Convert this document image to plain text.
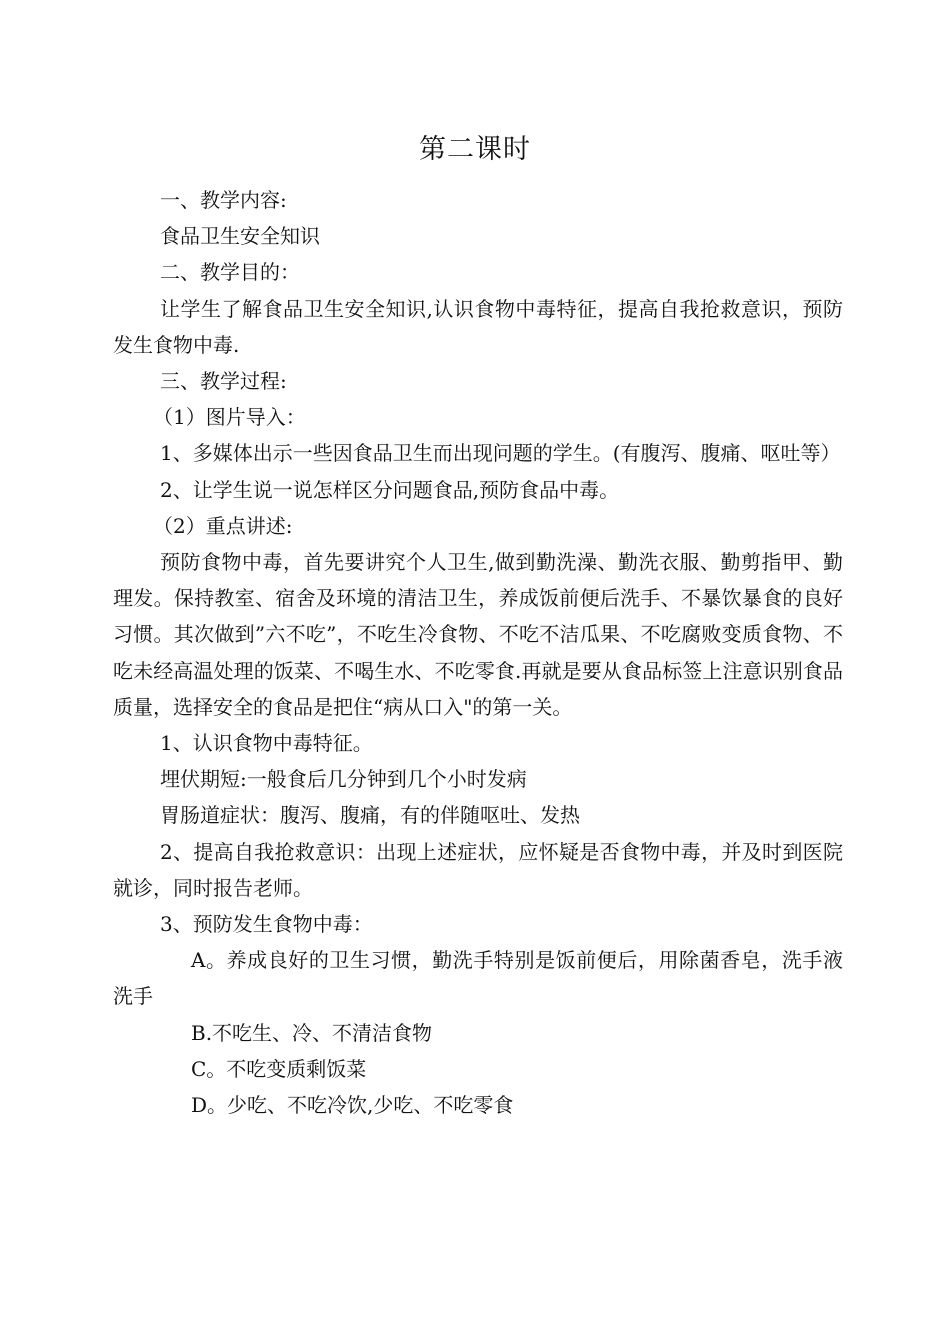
第二课时

一、教学内容:

食品卫生安全知识

二、教学目的：

让学生了解食品卫生安全知识,认识食物中毒特征，提高自我抢救意识，预防发生食物中毒.

三、教学过程:

（1）图片导入：

1、多媒体出示一些因食品卫生而出现问题的学生。(有腹泻、腹痛、呕吐等）

2、让学生说一说怎样区分问题食品,预防食品中毒。

（2）重点讲述:

预防食物中毒，首先要讲究个人卫生,做到勤洗澡、勤洗衣服、勤剪指甲、勤理发。保持教室、宿舍及环境的清洁卫生，养成饭前便后洗手、不暴饮暴食的良好习惯。其次做到”六不吃”，不吃生冷食物、不吃不洁瓜果、不吃腐败变质食物、不吃未经高温处理的饭菜、不喝生水、不吃零食.再就是要从食品标签上注意识别食品质量，选择安全的食品是把住“病从口入"的第一关。

1、认识食物中毒特征。

埋伏期短:一般食后几分钟到几个小时发病

胃肠道症状：腹泻、腹痛，有的伴随呕吐、发热

2、提高自我抢救意识：出现上述症状，应怀疑是否食物中毒，并及时到医院就诊，同时报告老师。

3、预防发生食物中毒：

A。养成良好的卫生习惯，勤洗手特别是饭前便后，用除菌香皂，洗手液洗手

B.不吃生、冷、不清洁食物

C。不吃变质剩饭菜

D。少吃、不吃冷饮,少吃、不吃零食
